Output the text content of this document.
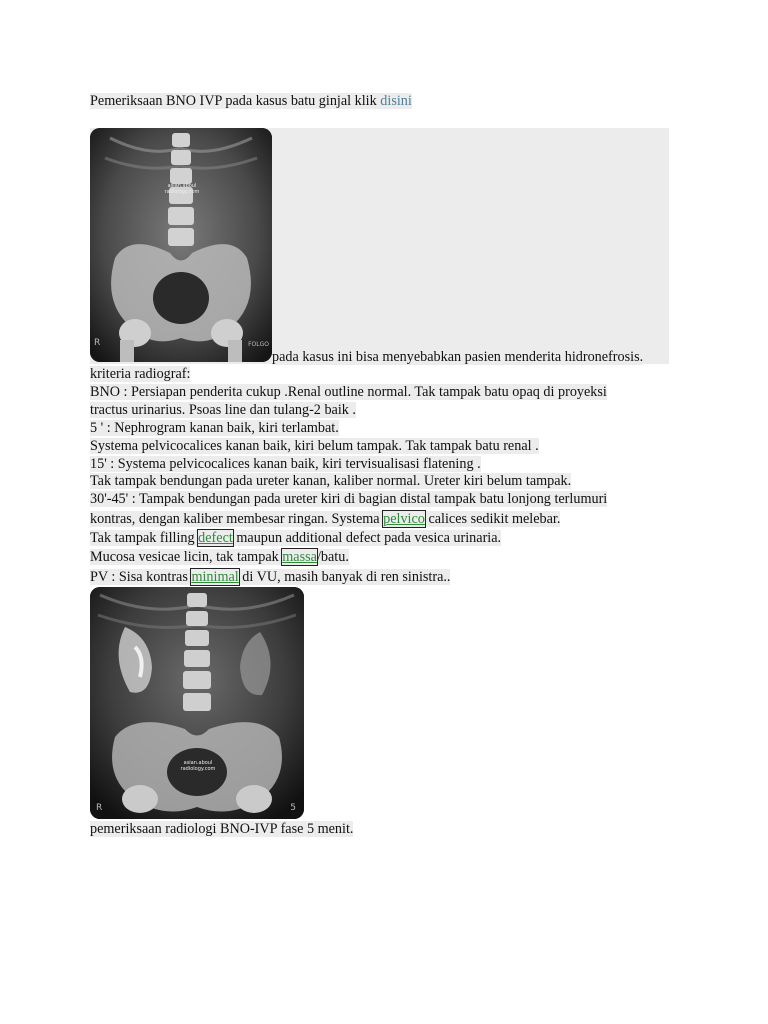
Pemeriksaan BNO IVP pada kasus batu ginjal klik disini
asian.aboul
radiology.com
R	FOLGO
pada kasus ini bisa menyebabkan pasien menderita hidronefrosis.
kriteria radiograf:
BNO : Persiapan penderita cukup .Renal outline normal. Tak tampak batu opaq di proyeksi
tractus urinarius. Psoas line dan tulang-2 baik .
5 ' : Nephrogram kanan baik, kiri terlambat.
Systema pelvicocalices kanan baik, kiri belum tampak. Tak tampak batu renal .
15' : Systema pelvicocalices kanan baik, kiri tervisualisasi flatening .
Tak tampak bendungan pada ureter kanan, kaliber normal. Ureter kiri belum tampak.
30'-45' : Tampak bendungan pada ureter kiri di bagian distal tampak batu lonjong terlumuri
kontras, dengan kaliber membesar ringan. Systema pelvico calices sedikit melebar.
Tak tampak filling defect maupun additional defect pada vesica urinaria.
Mucosa vesicae licin, tak tampak massa/batu.
PV : Sisa kontras minimal di VU, masih banyak di ren sinistra..
asian.aboul
radiology.com
R	5
pemeriksaan radiologi BNO-IVP fase 5 menit.
